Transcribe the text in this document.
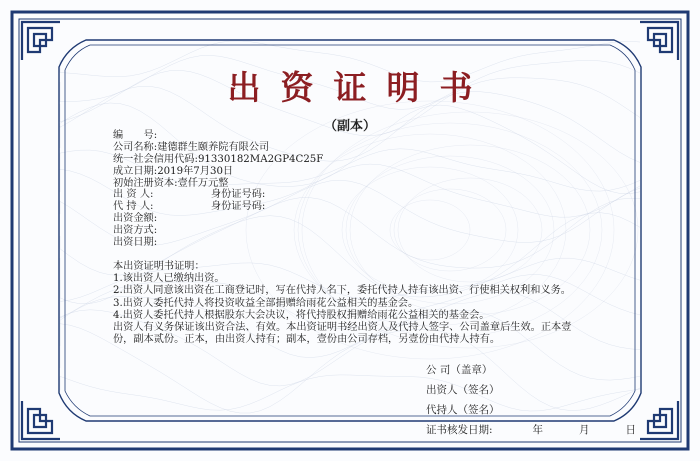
出资证明书
（副本）
编　　号:
公司名称:建德群生颐养院有限公司
统一社会信用代码:91330182MA2GP4C25F
成立日期:2019年7月30日
初始注册资本:壹仟万元整
出 资 人:	身份证号码:
代 持 人:	身份证号码:
出资金额:
出资方式:
出资日期:
本出资证明书证明：
1.该出资人已缴纳出资。
2.出资人同意该出资在工商登记时，写在代持人名下，委托代持人持有该出资、行使相关权利和义务。
3.出资人委托代持人将投资收益全部捐赠给雨花公益相关的基金会。
4.出资人委托代持人根据股东大会决议，将代持股权捐赠给雨花公益相关的基金会。
出资人有义务保证该出资合法、有效。本出资证明书经出资人及代持人签字、公司盖章后生效。正本壹
份，副本贰份。正本，由出资人持有；副本，壹份由公司存档，另壹份由代持人持有。
公 司（盖章）
出资人（签名）
代持人（签名）
证书核发日期:	年	月	日
